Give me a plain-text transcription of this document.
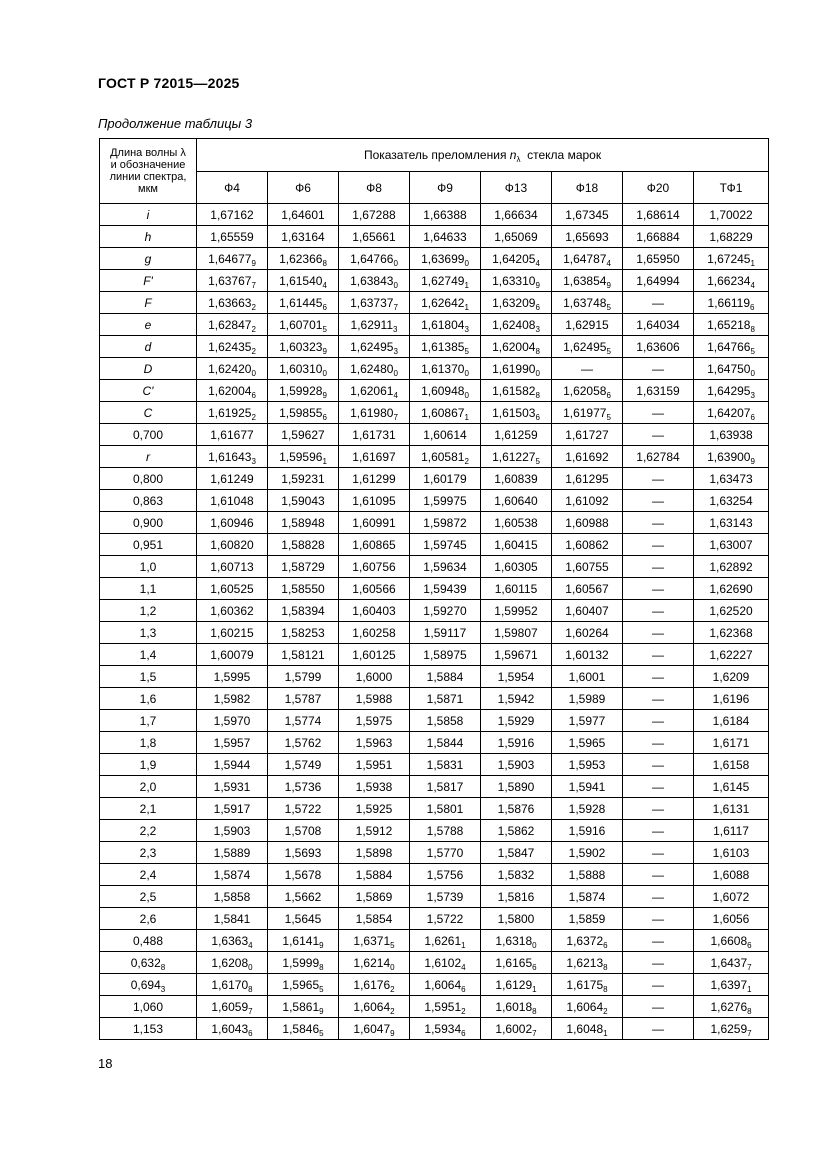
ГОСТ Р 72015—2025
Продолжение таблицы 3
Длина волны λ
и обозначение
линии спектра,
мкм	Показатель преломления $n_\lambda$  стекла марок							
	Ф4	Ф6	Ф8	Ф9	Ф13	Ф18	Ф20	ТФ1
i	1,67162	1,64601	1,67288	1,66388	1,66634	1,67345	1,68614	1,70022
h	1,65559	1,63164	1,65661	1,64633	1,65069	1,65693	1,66884	1,68229
g	$1,64677_9$	$1,62366_8$	$1,64766_0$	$1,63699_0$	$1,64205_4$	$1,64787_4$	1,65950	$1,67245_1$
F'	$1,63767_7$	$1,61540_4$	$1,63843_0$	$1,62749_1$	$1,63310_9$	$1,63854_9$	1,64994	$1,66234_4$
F	$1,63663_2$	$1,61445_6$	$1,63737_7$	$1,62642_1$	$1,63209_6$	$1,63748_5$	—	$1,66119_6$
e	$1,62847_2$	$1,60701_5$	$1,62911_3$	$1,61804_3$	$1,62408_3$	1,62915	1,64034	$1,65218_8$
d	$1,62435_2$	$1,60323_9$	$1,62495_3$	$1,61385_5$	$1,62004_8$	$1,62495_5$	1,63606	$1,64766_5$
D	$1,62420_0$	$1,60310_0$	$1,62480_0$	$1,61370_0$	$1,61990_0$	—	—	$1,64750_0$
C'	$1,62004_6$	$1,59928_9$	$1,62061_4$	$1,60948_0$	$1,61582_8$	$1,62058_6$	1,63159	$1,64295_3$
C	$1,61925_2$	$1,59855_6$	$1,61980_7$	$1,60867_1$	$1,61503_6$	$1,61977_5$	—	$1,64207_6$
0,700	1,61677	1,59627	1,61731	1,60614	1,61259	1,61727	—	1,63938
r	$1,61643_3$	$1,59596_1$	1,61697	$1,60581_2$	$1,61227_5$	1,61692	1,62784	$1,63900_9$
0,800	1,61249	1,59231	1,61299	1,60179	1,60839	1,61295	—	1,63473
0,863	1,61048	1,59043	1,61095	1,59975	1,60640	1,61092	—	1,63254
0,900	1,60946	1,58948	1,60991	1,59872	1,60538	1,60988	—	1,63143
0,951	1,60820	1,58828	1,60865	1,59745	1,60415	1,60862	—	1,63007
1,0	1,60713	1,58729	1,60756	1,59634	1,60305	1,60755	—	1,62892
1,1	1,60525	1,58550	1,60566	1,59439	1,60115	1,60567	—	1,62690
1,2	1,60362	1,58394	1,60403	1,59270	1,59952	1,60407	—	1,62520
1,3	1,60215	1,58253	1,60258	1,59117	1,59807	1,60264	—	1,62368
1,4	1,60079	1,58121	1,60125	1,58975	1,59671	1,60132	—	1,62227
1,5	1,5995	1,5799	1,6000	1,5884	1,5954	1,6001	—	1,6209
1,6	1,5982	1,5787	1,5988	1,5871	1,5942	1,5989	—	1,6196
1,7	1,5970	1,5774	1,5975	1,5858	1,5929	1,5977	—	1,6184
1,8	1,5957	1,5762	1,5963	1,5844	1,5916	1,5965	—	1,6171
1,9	1,5944	1,5749	1,5951	1,5831	1,5903	1,5953	—	1,6158
2,0	1,5931	1,5736	1,5938	1,5817	1,5890	1,5941	—	1,6145
2,1	1,5917	1,5722	1,5925	1,5801	1,5876	1,5928	—	1,6131
2,2	1,5903	1,5708	1,5912	1,5788	1,5862	1,5916	—	1,6117
2,3	1,5889	1,5693	1,5898	1,5770	1,5847	1,5902	—	1,6103
2,4	1,5874	1,5678	1,5884	1,5756	1,5832	1,5888	—	1,6088
2,5	1,5858	1,5662	1,5869	1,5739	1,5816	1,5874	—	1,6072
2,6	1,5841	1,5645	1,5854	1,5722	1,5800	1,5859	—	1,6056
0,488	$1,6363_4$	$1,6141_9$	$1,6371_5$	$1,6261_1$	$1,6318_0$	$1,6372_6$	—	$1,6608_6$
$0,632_8$	$1,6208_0$	$1,5999_8$	$1,6214_0$	$1,6102_4$	$1,6165_6$	$1,6213_8$	—	$1,6437_7$
$0,694_3$	$1,6170_8$	$1,5965_5$	$1,6176_2$	$1,6064_6$	$1,6129_1$	$1,6175_8$	—	$1,6397_1$
1,060	$1,6059_7$	$1,5861_9$	$1,6064_2$	$1,5951_2$	$1,6018_8$	$1,6064_2$	—	$1,6276_8$
1,153	$1,6043_6$	$1,5846_5$	$1,6047_9$	$1,5934_6$	$1,6002_7$	$1,6048_1$	—	$1,6259_7$
18
